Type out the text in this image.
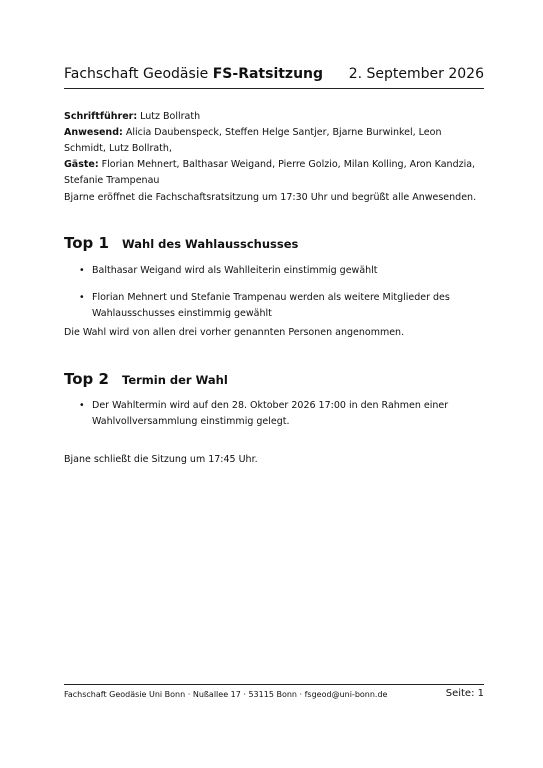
Fachschaft Geodäsie FS-Ratsitzung 2. September 2026
Schriftführer: Lutz Bollrath
Anwesend: Alicia Daubenspeck, Steffen Helge Santjer, Bjarne Burwinkel, Leon Schmidt, Lutz Bollrath,
Gäste: Florian Mehnert, Balthasar Weigand, Pierre Golzio, Milan Kolling, Aron Kandzia, Stefanie Trampenau
Bjarne eröffnet die Fachschaftsratsitzung um 17:30 Uhr und begrüßt alle Anwesenden.
Top 1 Wahl des Wahlausschusses
• Balthasar Weigand wird als Wahlleiterin einstimmig gewählt
• Florian Mehnert und Stefanie Trampenau werden als weitere Mitglieder des Wahlausschusses einstimmig gewählt
Die Wahl wird von allen drei vorher genannten Personen angenommen.
Top 2 Termin der Wahl
• Der Wahltermin wird auf den 28. Oktober 2026 17:00 in den Rahmen einer Wahlvollversammlung einstimmig gelegt.
Bjane schließt die Sitzung um 17:45 Uhr.
Fachschaft Geodäsie Uni Bonn · Nußallee 17 · 53115 Bonn · fsgeod@uni-bonn.de	Seite: 1
